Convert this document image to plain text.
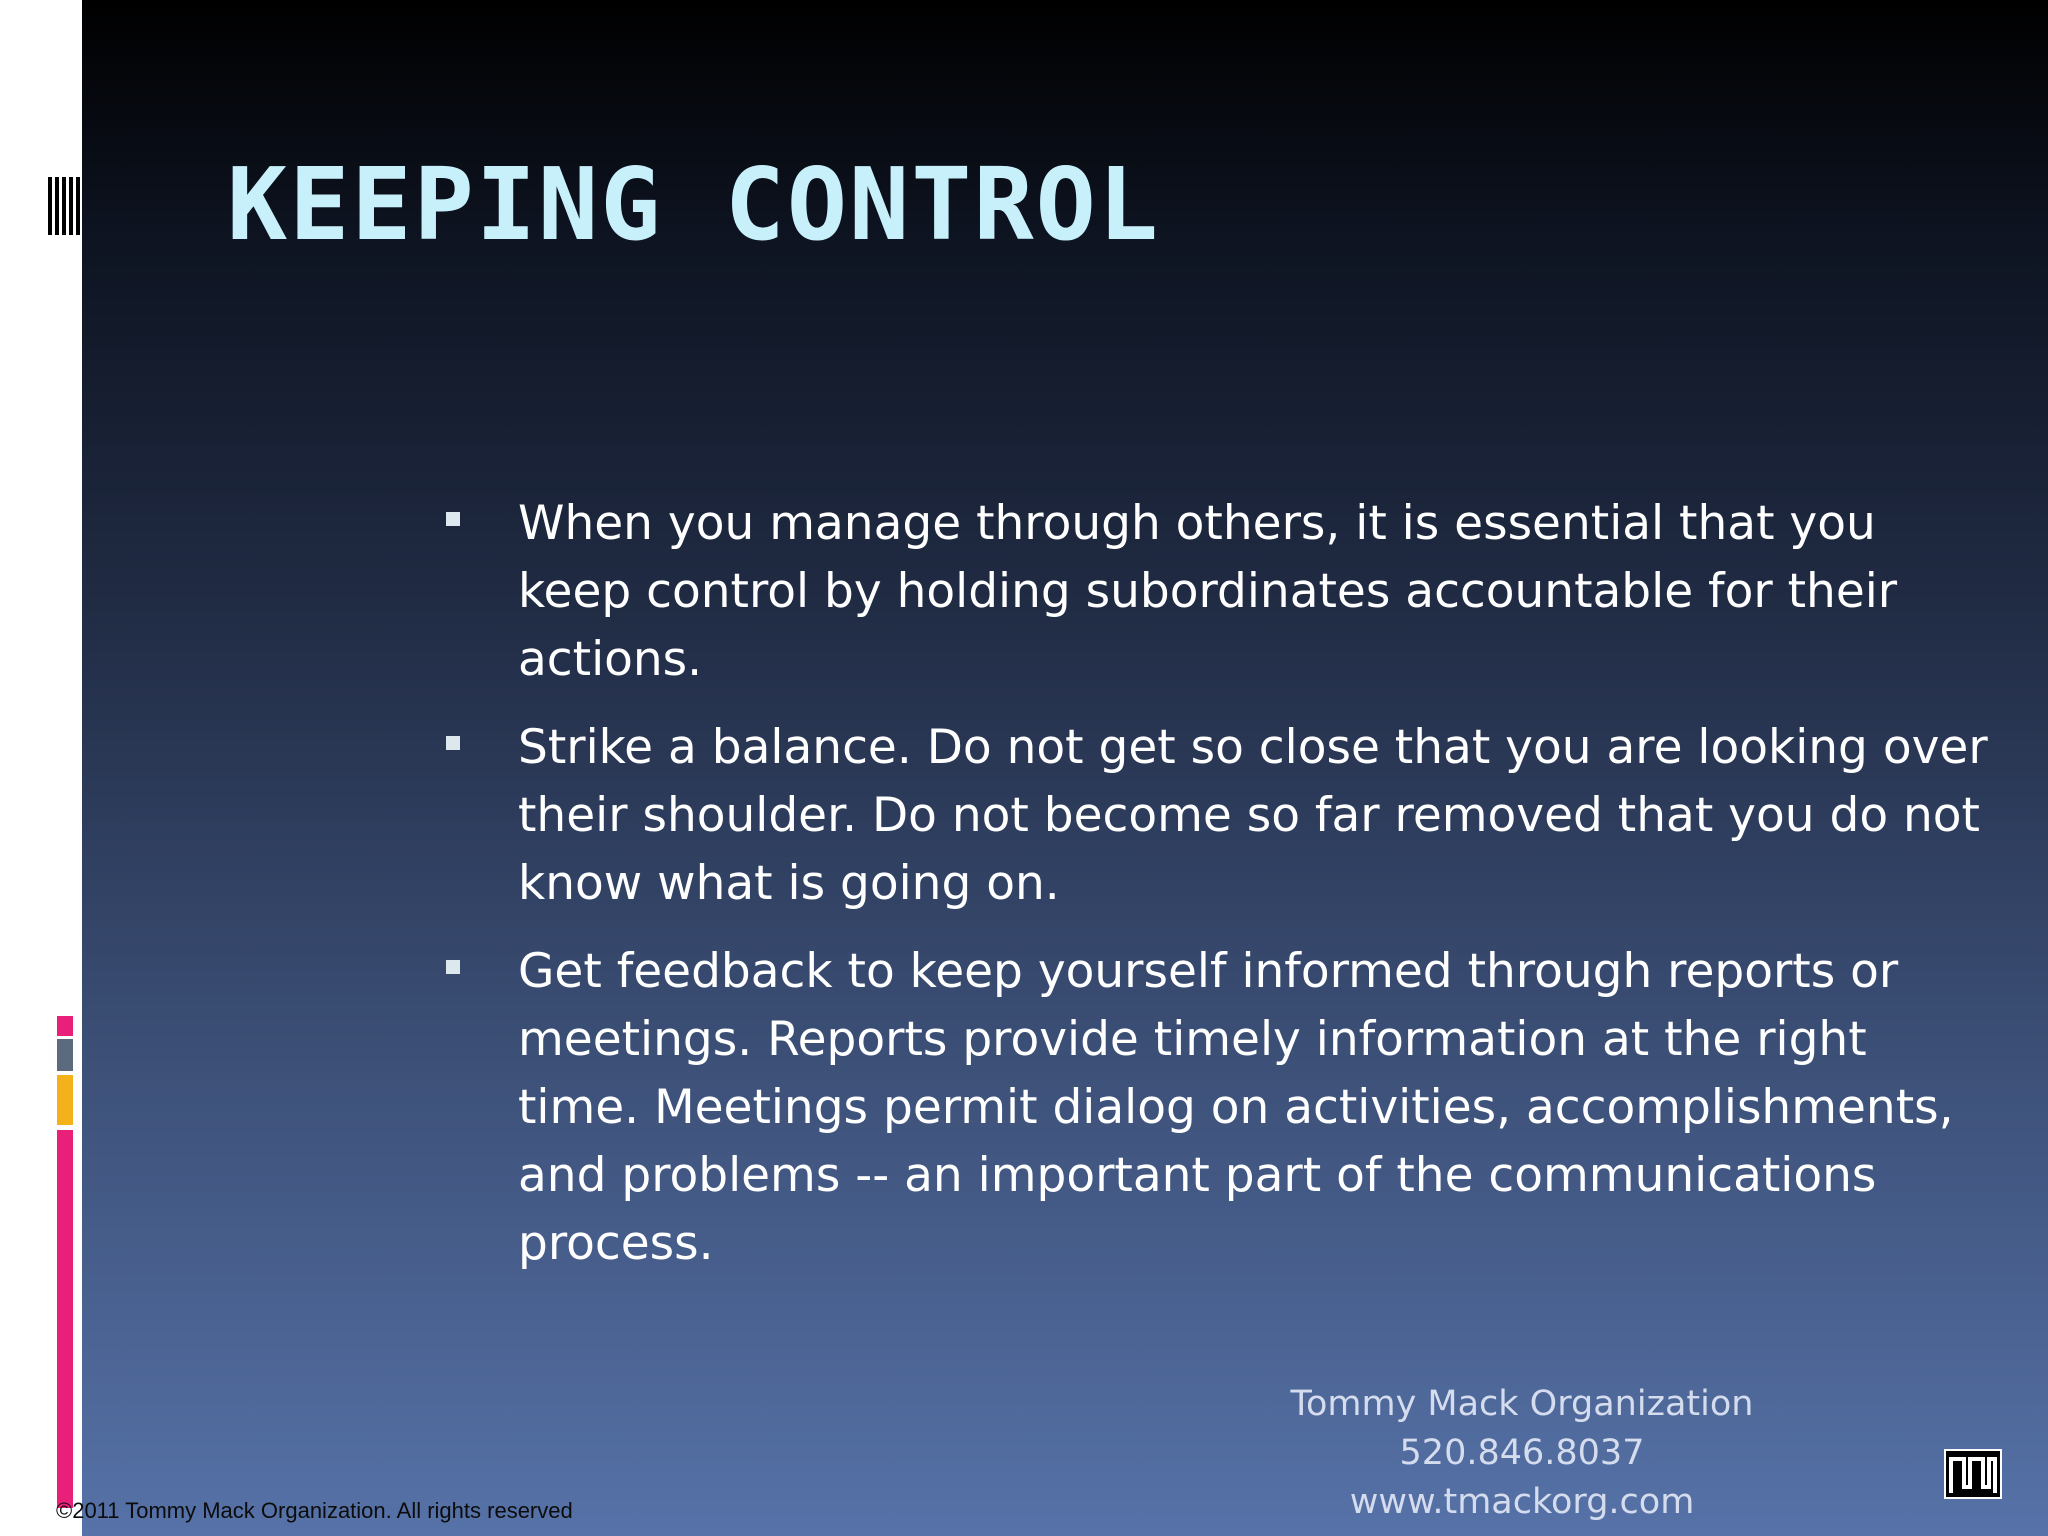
KEEPING CONTROL
When you manage through others, it is essential that you keep control by holding subordinates accountable for their actions.
Strike a balance. Do not get so close that you are looking over their shoulder. Do not become so far removed that you do not know what is going on.
Get feedback to keep yourself informed through reports or meetings. Reports provide timely information at the right time. Meetings permit dialog on activities, accomplishments, and problems -- an important part of the communications process.
Tommy Mack Organization
520.846.8037
www.tmackorg.com
©2011 Tommy Mack Organization. All rights reserved
